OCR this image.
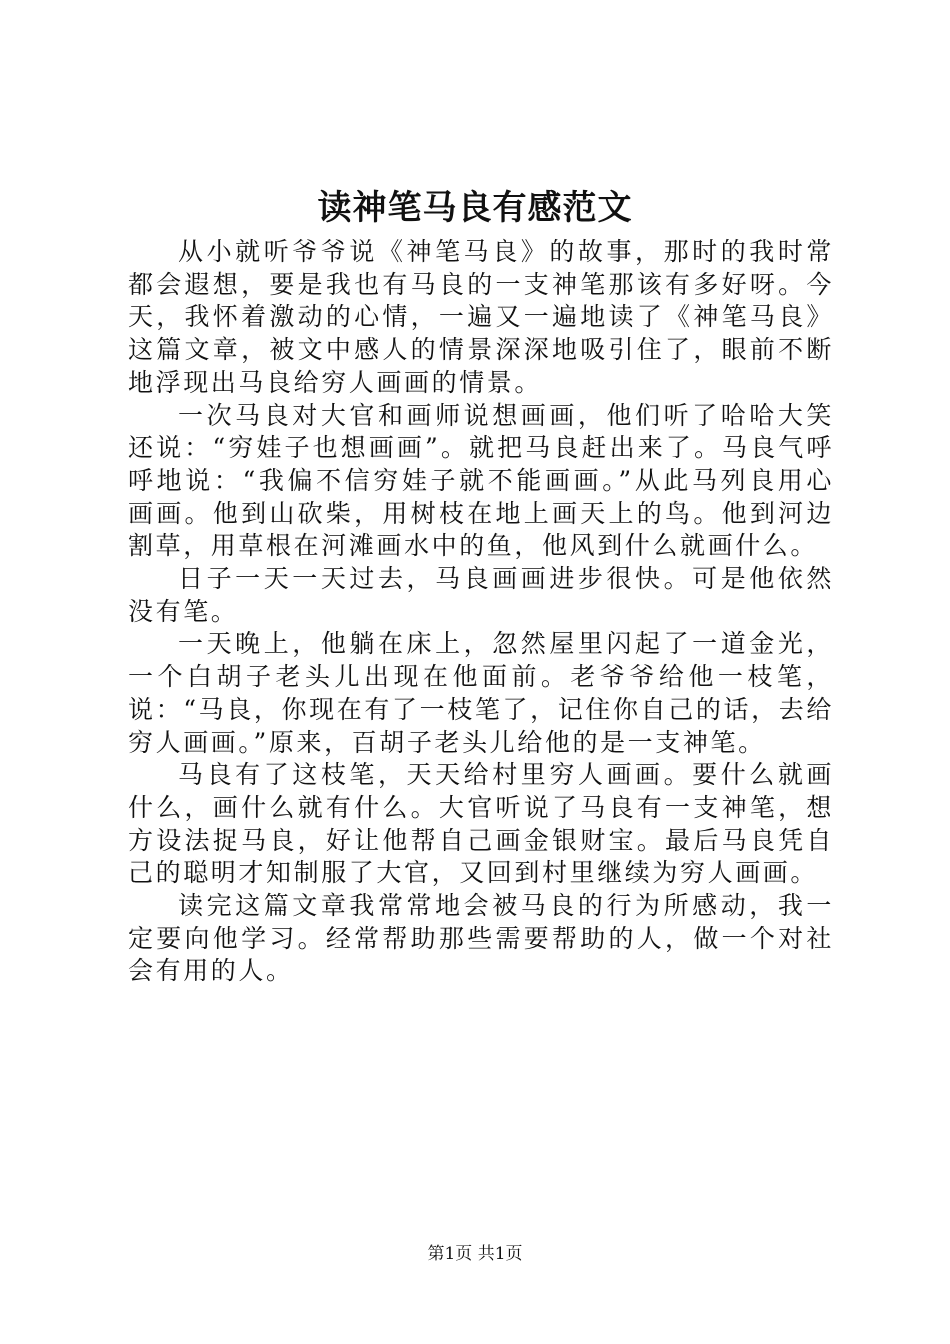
读神笔马良有感范文

从小就听爷爷说《神笔马良》的故事，那时的我时常都会遐想，要是我也有马良的一支神笔那该有多好呀。今天，我怀着激动的心情，一遍又一遍地读了《神笔马良》这篇文章，被文中感人的情景深深地吸引住了，眼前不断地浮现出马良给穷人画画的情景。

一次马良对大官和画师说想画画，他们听了哈哈大笑还说：“穷娃子也想画画”。就把马良赶出来了。马良气呼呼地说：“我偏不信穷娃子就不能画画。”从此马列良用心画画。他到山砍柴，用树枝在地上画天上的鸟。他到河边割草，用草根在河滩画水中的鱼，他风到什么就画什么。

日子一天一天过去，马良画画进步很快。可是他依然没有笔。

一天晚上，他躺在床上，忽然屋里闪起了一道金光，一个白胡子老头儿出现在他面前。老爷爷给他一枝笔，说：“马良，你现在有了一枝笔了，记住你自己的话，去给穷人画画。”原来，百胡子老头儿给他的是一支神笔。

马良有了这枝笔，天天给村里穷人画画。要什么就画什么，画什么就有什么。大官听说了马良有一支神笔，想方设法捉马良，好让他帮自己画金银财宝。最后马良凭自己的聪明才知制服了大官，又回到村里继续为穷人画画。

读完这篇文章我常常地会被马良的行为所感动，我一定要向他学习。经常帮助那些需要帮助的人，做一个对社会有用的人。

第1页 共1页
